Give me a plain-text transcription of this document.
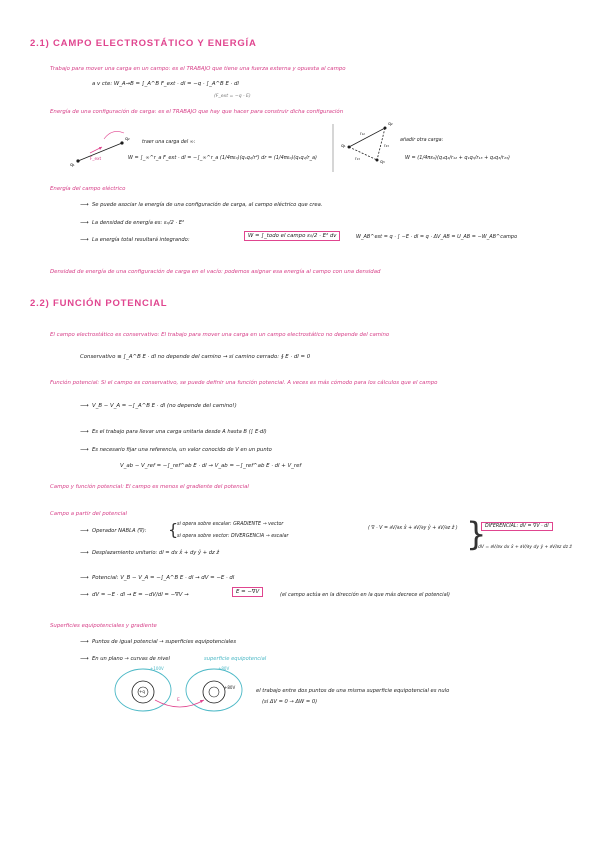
2.1) CAMPO ELECTROSTÁTICO Y ENERGÍA
Trabajo para mover una carga en un campo: es el TRABAJO que tiene una fuerza externa y opuesta al campo
a v cte: W_A→B = ∫_A^B F_ext · dl = −q · ∫_A^B E · dl
(F_ext = −q · E)
Energía de una configuración de carga: es el TRABAJO que hay que hacer para construir dicha configuración
q₁
q₂
F_ext
traer una carga del ∞:
W = ∫_∞^r_a F_ext · dl = −∫_∞^r_a (1/4πε₀)(q₁q₂/r²) dr = (1/4πε₀)(q₁q₂/r_a)
q₁
q₂
q₃
r₁₂
r₁₃
r₂₃
añadir otra carga:
W = (1/4πε₀)(q₁q₂/r₁₂ + q₁q₃/r₁₃ + q₂q₃/r₂₃)
Energía del campo eléctrico
⟶ Se puede asociar la energía de una configuración de carga, al campo eléctrico que crea.
⟶ La densidad de energía es: ε₀/2 · E²
⟶ La energía total resultará integrando:
W = ∫_todo el campo ε₀/2 · E² dv	W_AB^est = q · ∫ −E · dl = q · ΔV_AB = U_AB = −W_AB^campo
Densidad de energía de una configuración de carga en el vacío: podemos asignar esa energía al campo con una densidad
2.2) FUNCIÓN POTENCIAL
El campo electrostático es conservativo: El trabajo para mover una carga en un campo electrostático no depende del camino
Conservativo ≡ ∫_A^B E · dl no depende del camino → si camino cerrado: ∮ E · dl = 0
Función potencial: Si el campo es conservativo, se puede definir una función potencial. A veces es más cómodo para los cálculos que el campo
⟶ V_B − V_A = −∫_A^B E · dl (no depende del camino!)
⟶ Es el trabajo para llevar una carga unitaria desde A hasta B (∫ E·dl)
⟶ Es necesario fijar una referencia, un valor conocido de V en un punto
V_ab − V_ref = −∫_ref^ab E · dl → V_ab = −∫_ref^ab E · dl + V_ref
Campo y función potencial: El campo es menos el gradiente del potencial
Campo a partir del potencial
⟶ Operador NABLA (∇): {
si opera sobre escalar: GRADIENTE → vector
si opera sobre vector: DIVERGENCIA → escalar
( ∇ · V = ∂V/∂x x̂ + ∂V/∂y ŷ + ∂V/∂z ẑ ) }
DIFERENCIAL: dV = ∇V · dl
dV = ∂V/∂x dx x̂ + ∂V/∂y dy ŷ + ∂V/∂z dz ẑ
⟶ Desplazamiento unitario: dl = dx x̂ + dy ŷ + dz ẑ
⟶ Potencial: V_B − V_A = −∫_A^B E · dl → dV = −E · dl
⟶ dV = −E · dl → E = −dV/dl = −∇V →	E = −∇V	(el campo actúa en la dirección en la que más decrece el potencial)
Superficies equipotenciales y gradiente
⟶ Puntos de igual potencial → superficies equipotenciales
⟶ En un plano → curvas de nivel	superficie equipotencial
+100V	+80V
+80V
+q
E
el trabajo entre dos puntos de una misma superficie equipotencial es nulo
(si ΔV = 0 → ΔW = 0)
